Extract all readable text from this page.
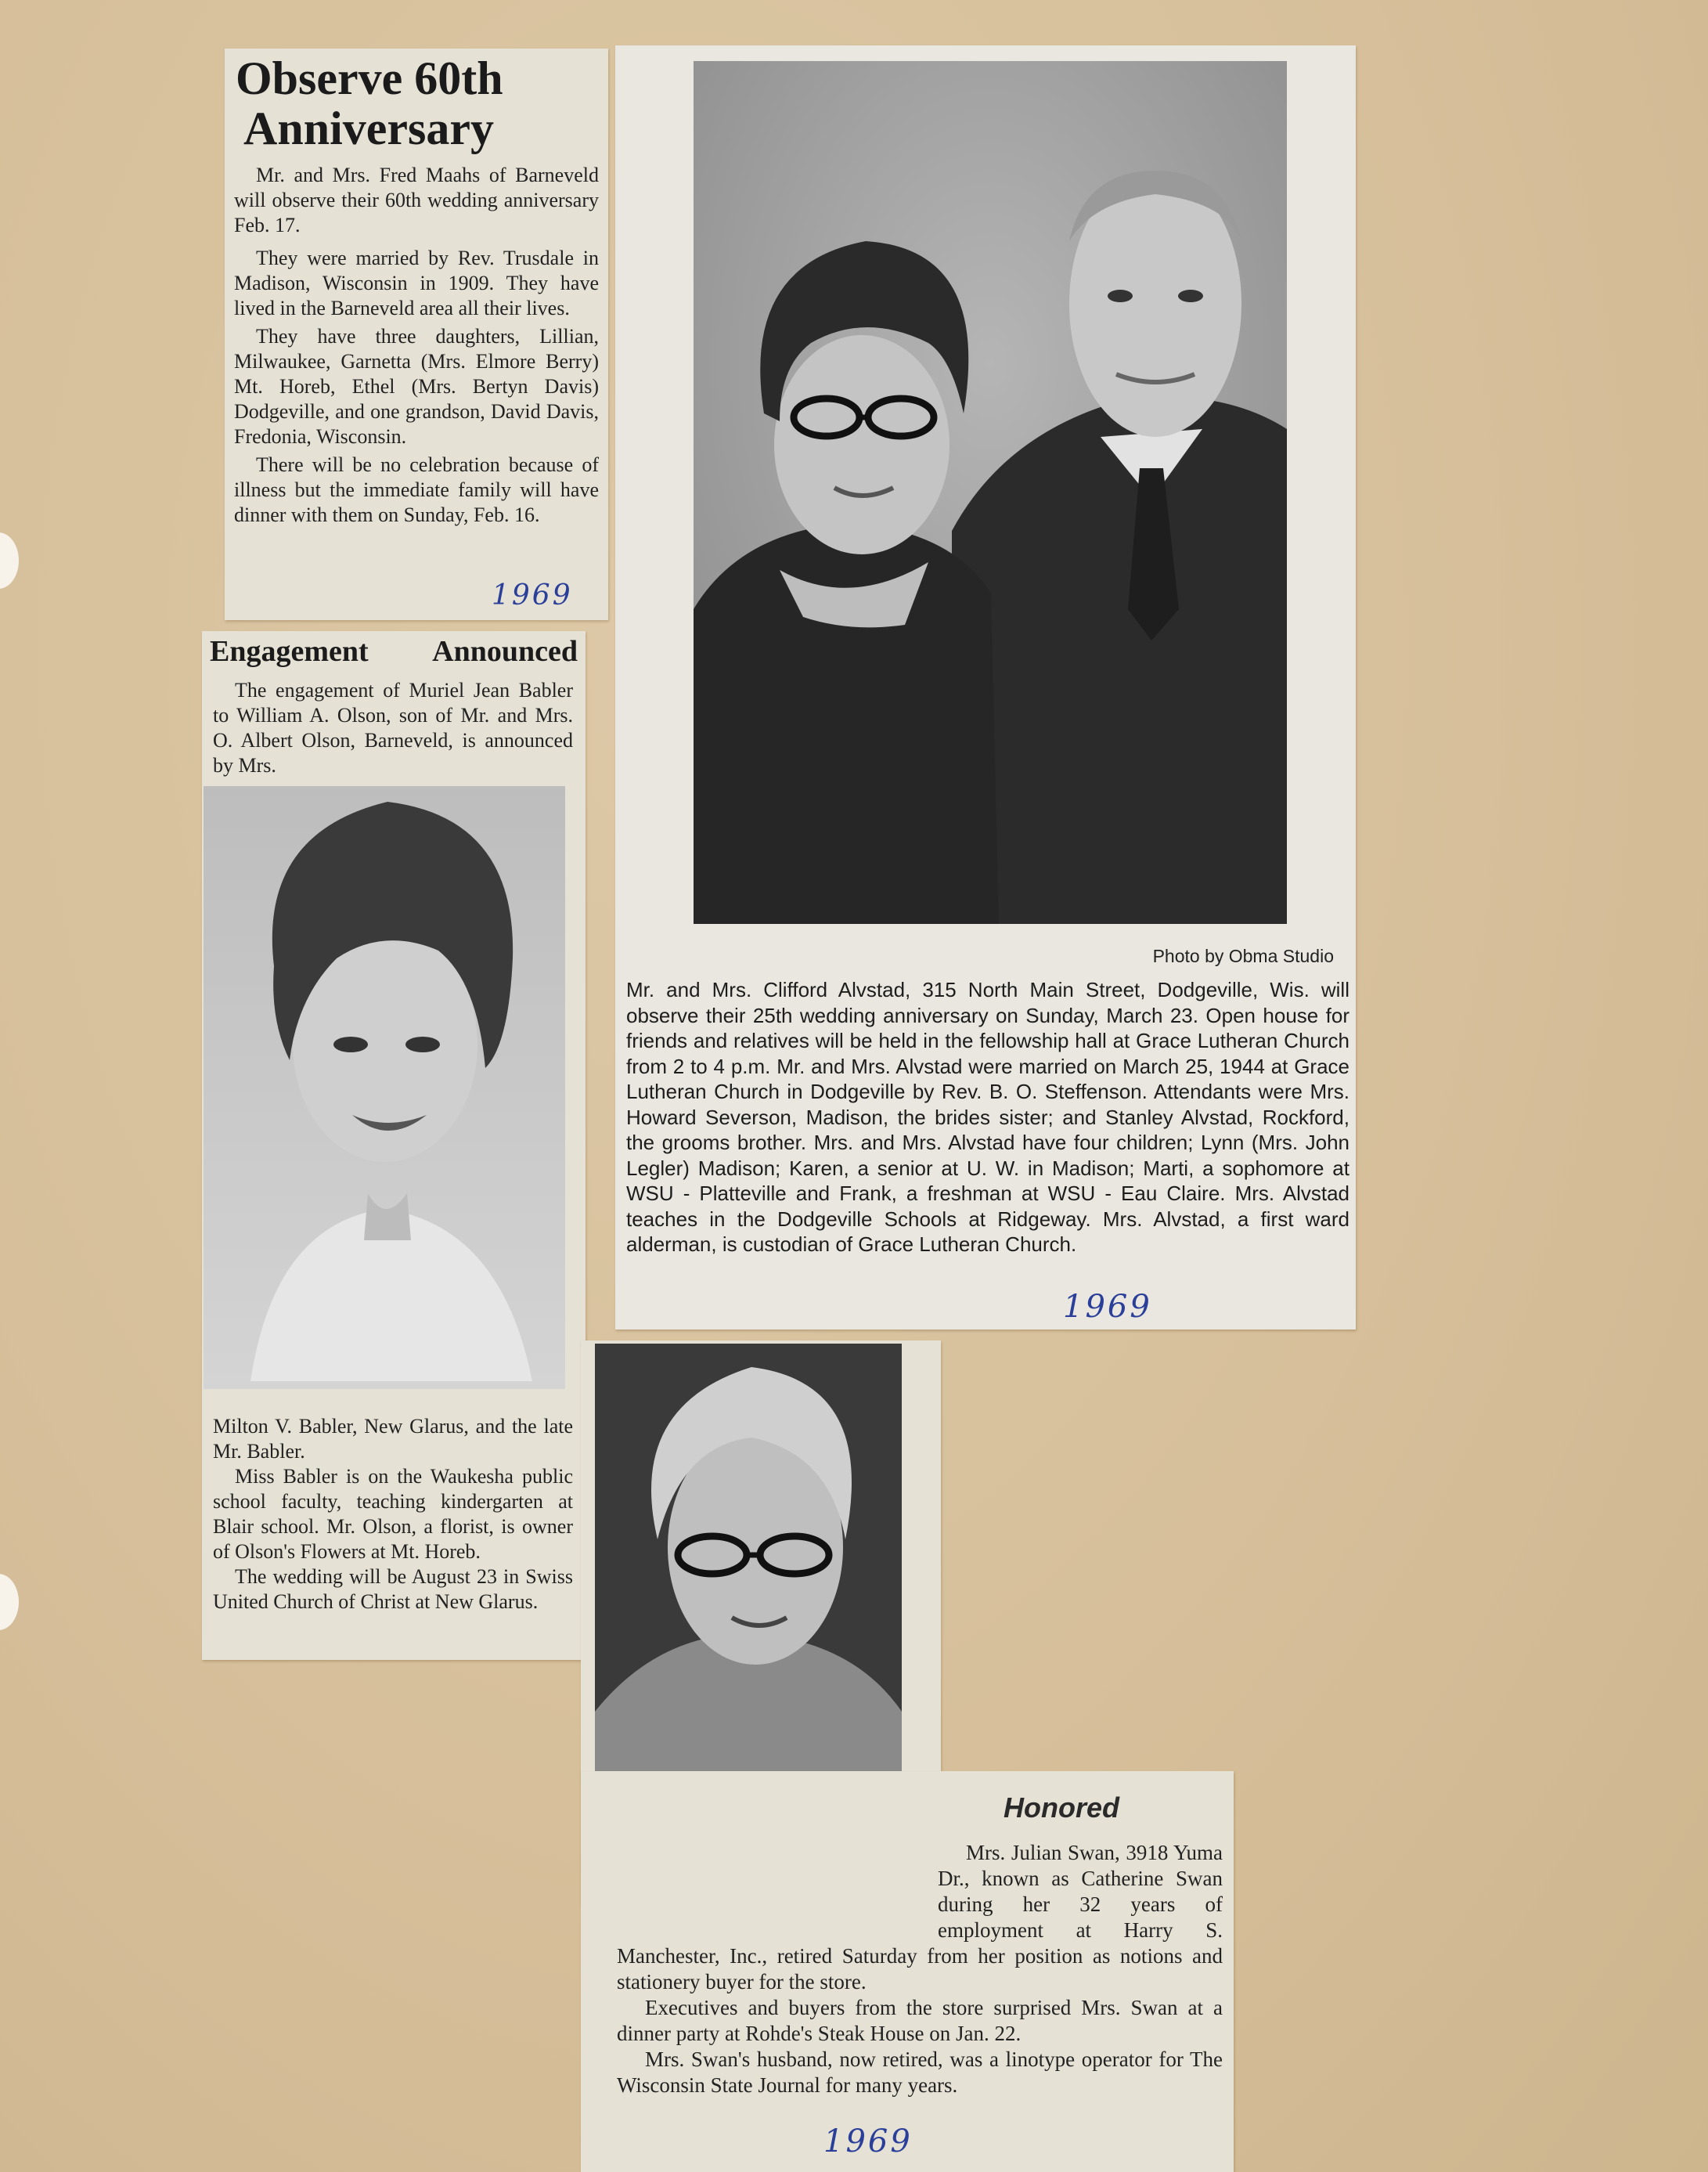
Observe 60th
Anniversary

Mr. and Mrs. Fred Maahs of Barneveld will observe their 60th wedding anniversary Feb. 17.

They were married by Rev. Trusdale in Madison, Wisconsin in 1909. They have lived in the Barneveld area all their lives.

They have three daughters, Lillian, Milwaukee, Garnetta (Mrs. Elmore Berry) Mt. Horeb, Ethel (Mrs. Bertyn Davis) Dodgeville, and one grandson, David Davis, Fredonia, Wisconsin.

There will be no celebration because of illness but the immediate family will have dinner with them on Sunday, Feb. 16.

1969
Engagement Announced

The engagement of Muriel Jean Babler to William A. Olson, son of Mr. and Mrs. O. Albert Olson, Barneveld, is announced by Mrs.

Milton V. Babler, New Glarus, and the late Mr. Babler.

Miss Babler is on the Waukesha public school faculty, teaching kindergarten at Blair school. Mr. Olson, a florist, is owner of Olson's Flowers at Mt. Horeb.

The wedding will be August 23 in Swiss United Church of Christ at New Glarus.

Photo by Obma Studio

Mr. and Mrs. Clifford Alvstad, 315 North Main Street, Dodgeville, Wis. will observe their 25th wedding anniversary on Sunday, March 23. Open house for friends and relatives will be held in the fellowship hall at Grace Lutheran Church from 2 to 4 p.m. Mr. and Mrs. Alvstad were married on March 25, 1944 at Grace Lutheran Church in Dodgeville by Rev. B. O. Steffenson. Attendants were Mrs. Howard Severson, Madison, the brides sister; and Stanley Alvstad, Rockford, the grooms brother. Mrs. and Mrs. Alvstad have four children; Lynn (Mrs. John Legler) Madison; Karen, a senior at U. W. in Madison; Marti, a sophomore at WSU - Platteville and Frank, a freshman at WSU - Eau Claire. Mrs. Alvstad teaches in the Dodgeville Schools at Ridgeway. Mrs. Alvstad, a first ward alderman, is custodian of Grace Lutheran Church.

1969
Honored

Mrs. Julian Swan, 3918 Yuma Dr., known as Catherine Swan during her 32 years of employment at Harry S. Manchester, Inc., retired Saturday from her position as notions and stationery buyer for the store.

Executives and buyers from the store surprised Mrs. Swan at a dinner party at Rohde's Steak House on Jan. 22.

Mrs. Swan's husband, now retired, was a linotype operator for The Wisconsin State Journal for many years.

1969
